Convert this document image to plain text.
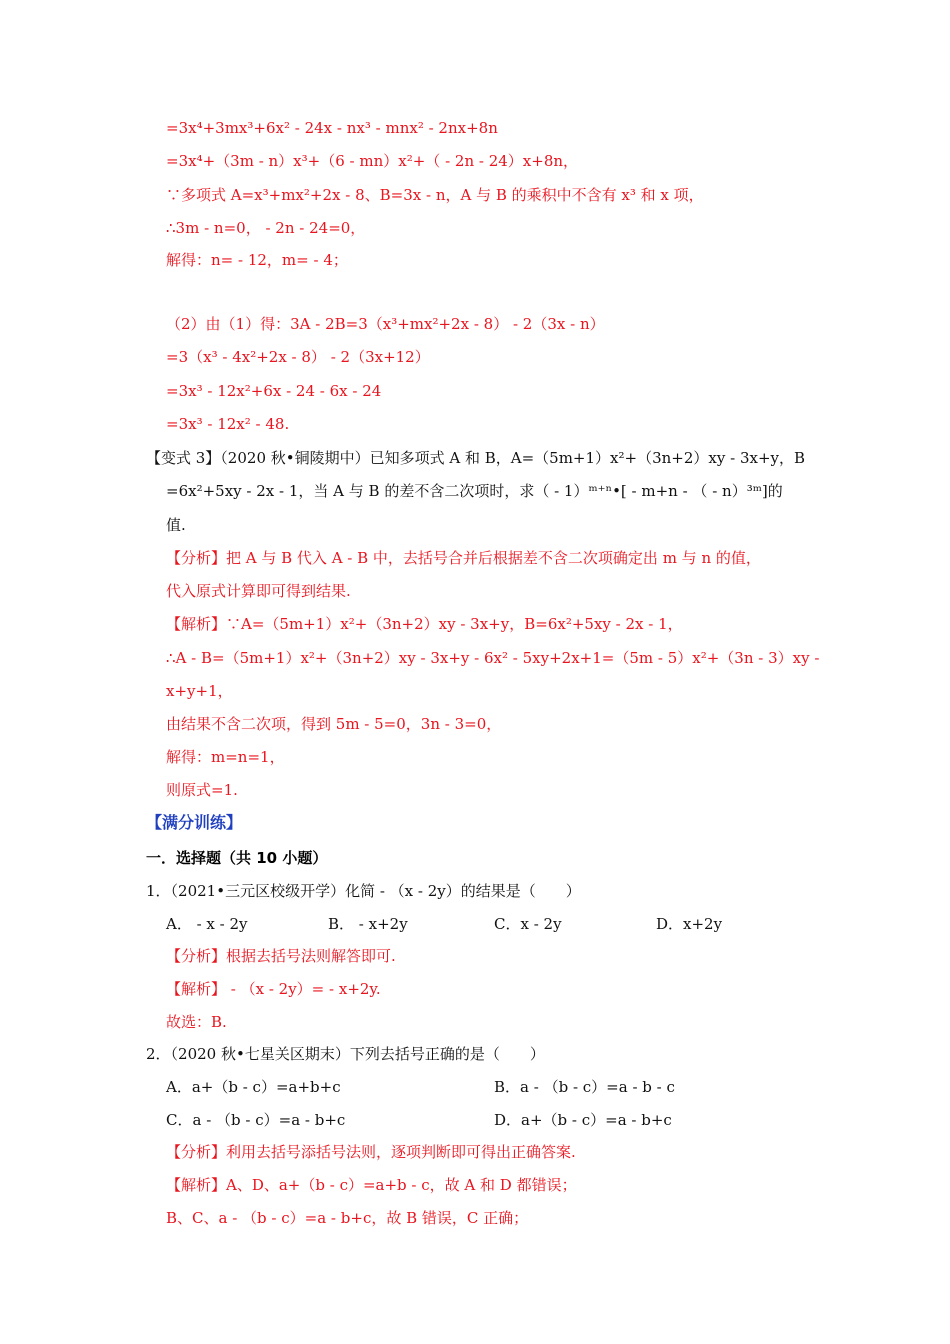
=3x⁴+3mx³+6x² - 24x - nx³ - mnx² - 2nx+8n
=3x⁴+（3m - n）x³+（6 - mn）x²+（ - 2n - 24）x+8n，
∵多项式 A=x³+mx²+2x - 8、B=3x - n，A 与 B 的乘积中不含有 x³ 和 x 项，
∴3m - n=0， - 2n - 24=0，
解得：n= - 12，m= - 4；
（2）由（1）得：3A - 2B=3（x³+mx²+2x - 8） - 2（3x - n）
=3（x³ - 4x²+2x - 8） - 2（3x+12）
=3x³ - 12x²+6x - 24 - 6x - 24
=3x³ - 12x² - 48.
【变式 3】（2020 秋•铜陵期中）已知多项式 A 和 B，A=（5m+1）x²+（3n+2）xy - 3x+y，B
=6x²+5xy - 2x - 1，当 A 与 B 的差不含二次项时，求（ - 1）ᵐ⁺ⁿ•[ - m+n - （ - n）³ᵐ]的
值.
【分析】把 A 与 B 代入 A - B 中，去括号合并后根据差不含二次项确定出 m 与 n 的值，
代入原式计算即可得到结果.
【解析】∵A=（5m+1）x²+（3n+2）xy - 3x+y，B=6x²+5xy - 2x - 1，
∴A - B=（5m+1）x²+（3n+2）xy - 3x+y - 6x² - 5xy+2x+1=（5m - 5）x²+（3n - 3）xy -
x+y+1，
由结果不含二次项，得到 5m - 5=0，3n - 3=0，
解得：m=n=1，
则原式=1.
【满分训练】
一．选择题（共 10 小题）
1．（2021•三元区校级开学）化简 - （x - 2y）的结果是（　　）
A． - x - 2y	B． - x+2y	C．x - 2y	D．x+2y
【分析】根据去括号法则解答即可.
【解析】 - （x - 2y）= - x+2y.
故选：B.
2．（2020 秋•七星关区期末）下列去括号正确的是（　　）
A．a+（b - c）=a+b+c	B．a - （b - c）=a - b - c
C．a - （b - c）=a - b+c	D．a+（b - c）=a - b+c
【分析】利用去括号添括号法则，逐项判断即可得出正确答案.
【解析】A、D、a+（b - c）=a+b - c，故 A 和 D 都错误；
B、C、a - （b - c）=a - b+c，故 B 错误，C 正确；
